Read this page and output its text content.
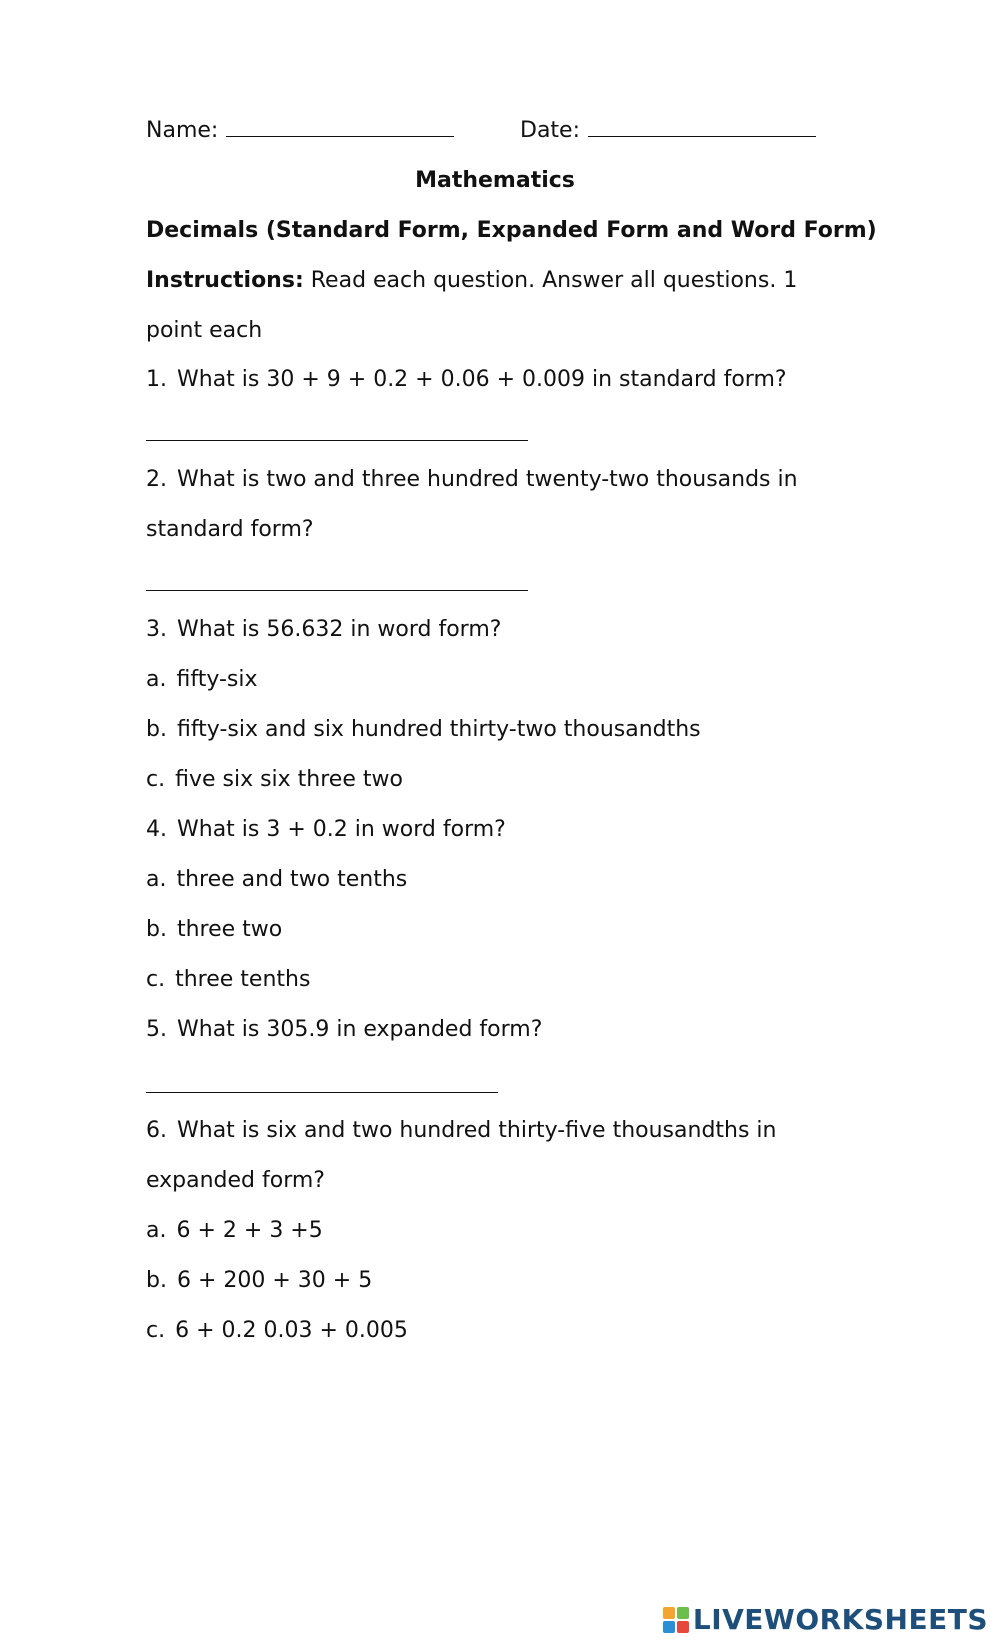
Name:	Date:
Mathematics
Decimals (Standard Form, Expanded Form and Word Form)
Instructions: Read each question. Answer all questions. 1
point each
1. What is 30 + 9 + 0.2 + 0.06 + 0.009 in standard form?
2. What is two and three hundred twenty-two thousands in
standard form?
3. What is 56.632 in word form?
a. fifty-six
b. fifty-six and six hundred thirty-two thousandths
c. five six six three two
4. What is 3 + 0.2 in word form?
a. three and two tenths
b. three two
c. three tenths
5. What is 305.9 in expanded form?
6. What is six and two hundred thirty-five thousandths in
expanded form?
a. 6 + 2 + 3 +5
b. 6 + 200 + 30 + 5
c. 6 + 0.2 0.03 + 0.005
LIVEWORKSHEETS
